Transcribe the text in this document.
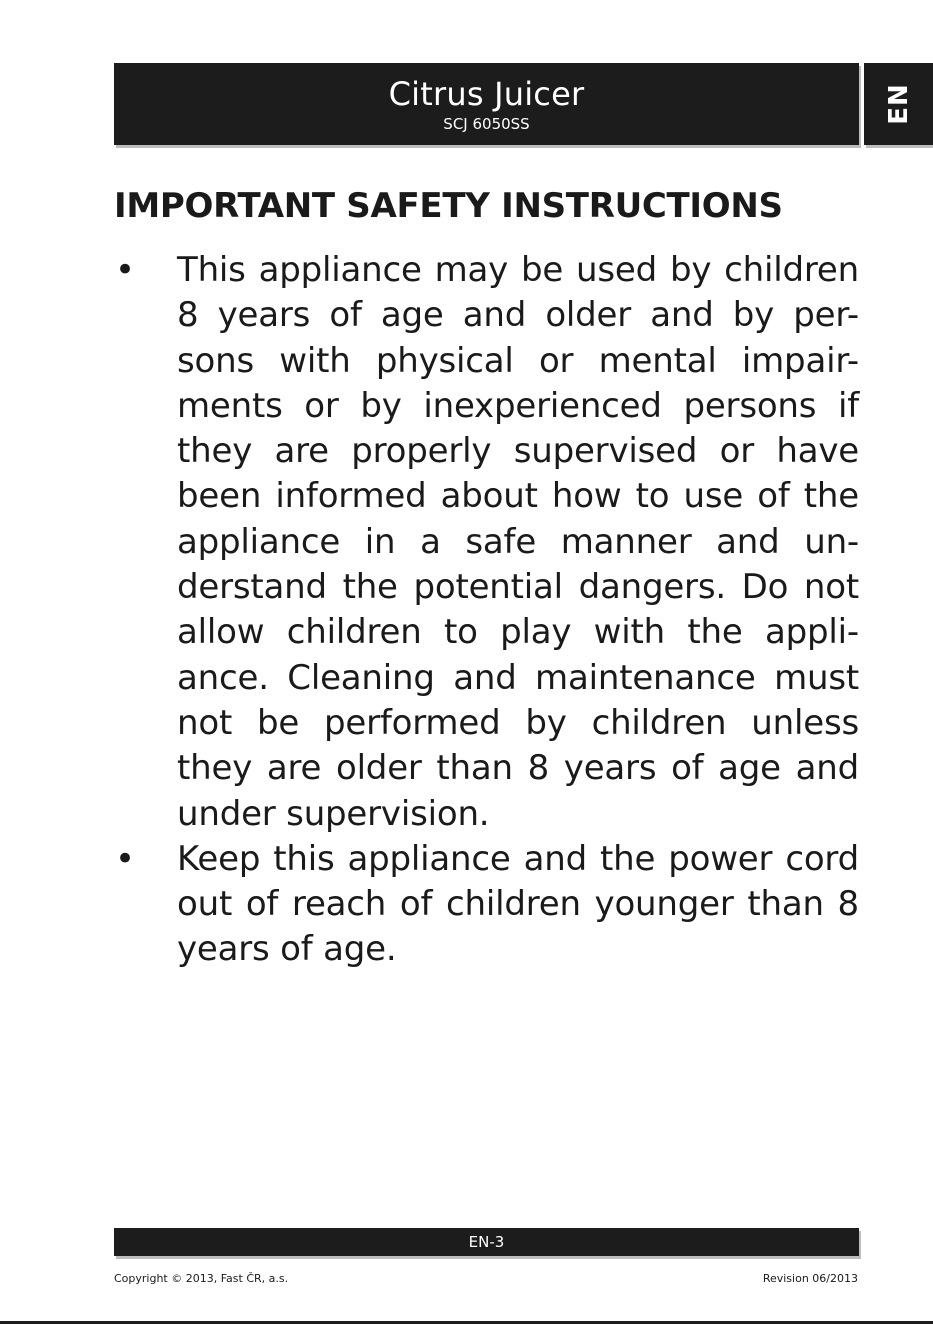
Citrus Juicer
SCJ 6050SS	EN
IMPORTANT SAFETY INSTRUCTIONS
• This appliance may be used by children 8 years of age and older and by per-sons with physical or mental impair-ments or by inexperienced persons if they are properly supervised or have been informed about how to use of the appliance in a safe manner and un-derstand the potential dangers. Do not allow children to play with the appli-ance. Cleaning and maintenance must not be performed by children unless they are older than 8 years of age and under supervision.
• Keep this appliance and the power cord out of reach of children younger than 8 years of age.
EN-3
Copyright © 2013, Fast ČR, a.s.	Revision 06/2013
